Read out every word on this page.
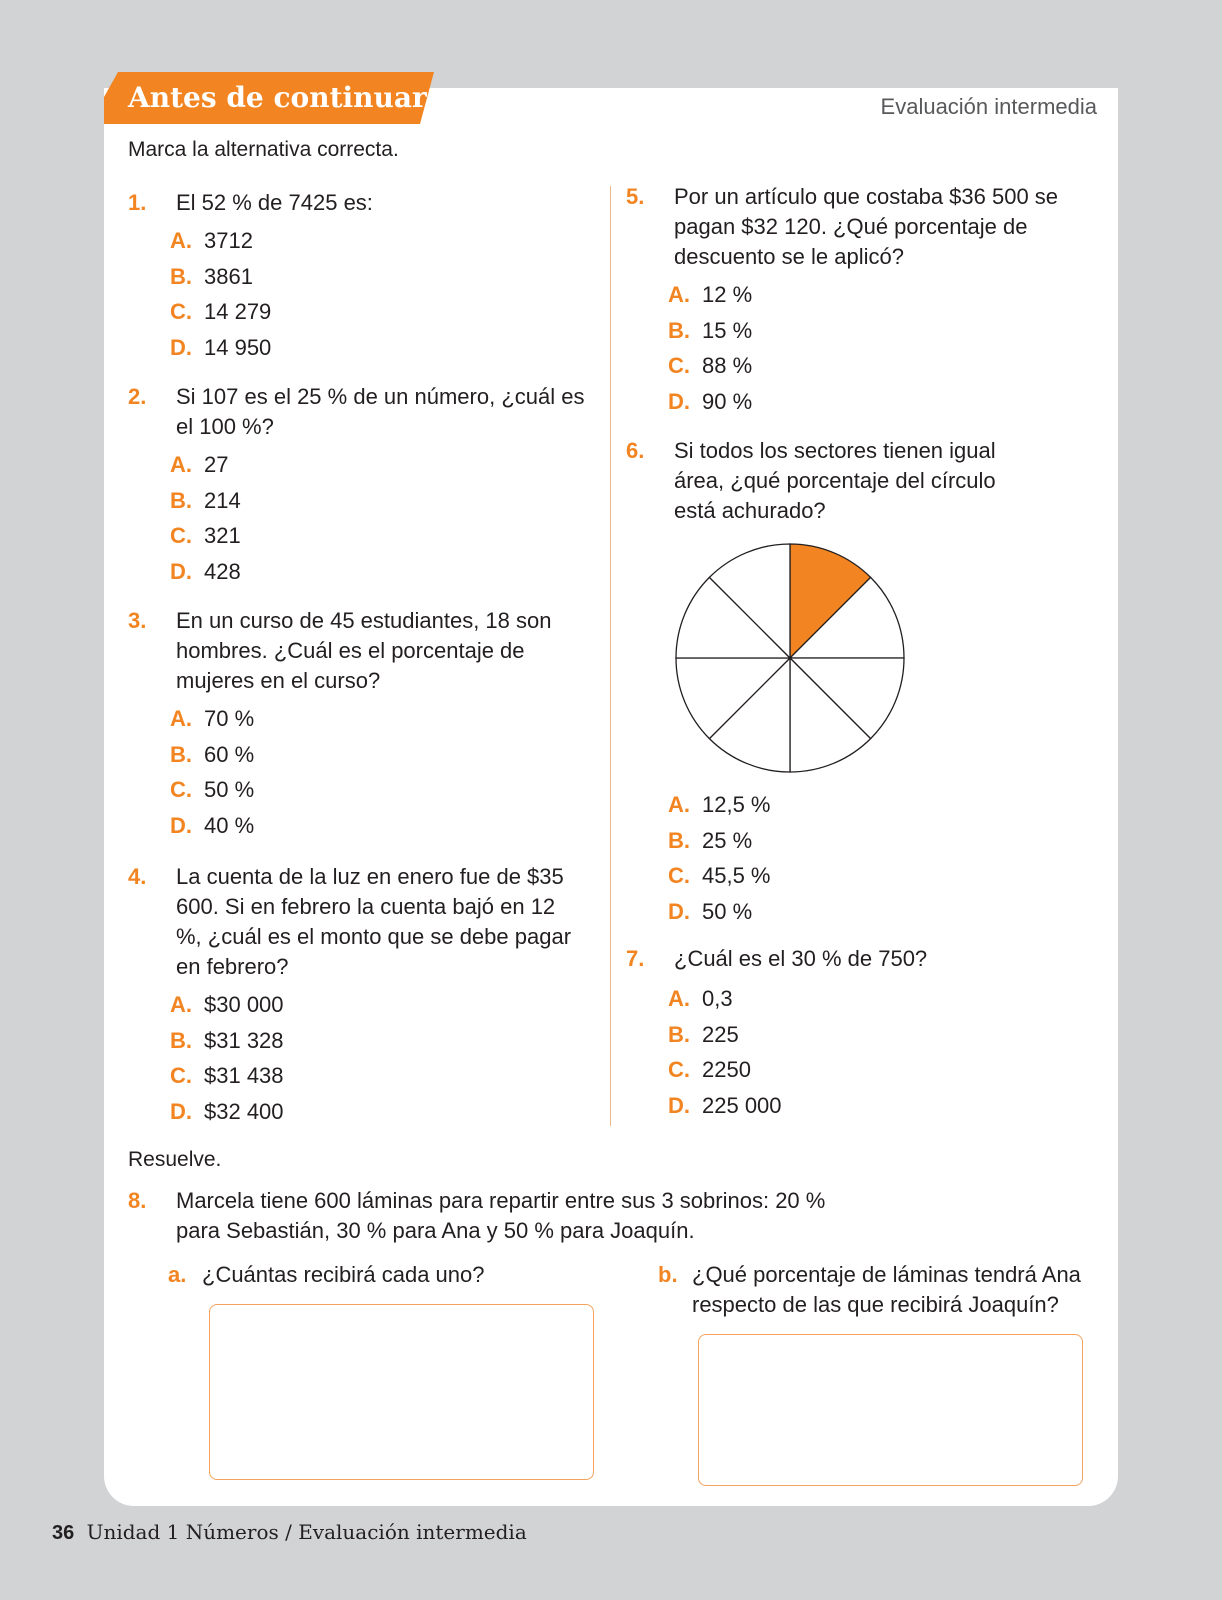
Antes de continuar	Evaluación intermedia
Marca la alternativa correcta.
1. El 52 % de 7425 es:
A. 3712
B. 3861
C. 14 279
D. 14 950
2. Si 107 es el 25 % de un número, ¿cuál es el 100 %?
A. 27
B. 214
C. 321
D. 428
3. En un curso de 45 estudiantes, 18 son hombres. ¿Cuál es el porcentaje de mujeres en el curso?
A. 70 %
B. 60 %
C. 50 %
D. 40 %
4. La cuenta de la luz en enero fue de $35 600. Si en febrero la cuenta bajó en 12 %, ¿cuál es el monto que se debe pagar en febrero?
A. $30 000
B. $31 328
C. $31 438
D. $32 400
5. Por un artículo que costaba $36 500 se pagan $32 120. ¿Qué porcentaje de descuento se le aplicó?
A. 12 %
B. 15 %
C. 88 %
D. 90 %
6. Si todos los sectores tienen igual área, ¿qué porcentaje del círculo está achurado?
A. 12,5 %
B. 25 %
C. 45,5 %
D. 50 %
7. ¿Cuál es el 30 % de 750?
A. 0,3
B. 225
C. 2250
D. 225 000
Resuelve.
8. Marcela tiene 600 láminas para repartir entre sus 3 sobrinos: 20 % para Sebastián, 30 % para Ana y 50 % para Joaquín.
a. ¿Cuántas recibirá cada uno?	b. ¿Qué porcentaje de láminas tendrá Ana respecto de las que recibirá Joaquín?
36 Unidad 1 Números / Evaluación intermedia
